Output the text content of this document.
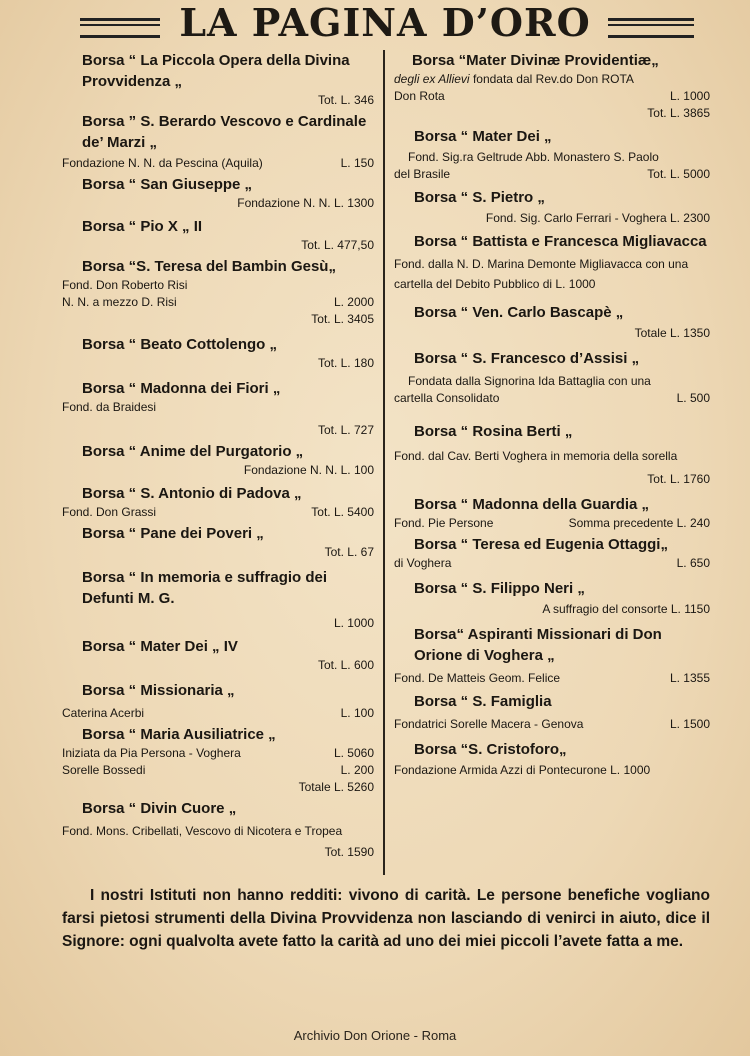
LA PAGINA D’ORO

Borsa “ La Piccola Opera della Divina Provvidenza „

Tot. L. 346

Borsa ” S. Berardo Vescovo e Cardinale de’ Marzi „

Fondazione N. N. da Pescina (Aquila)	L. 150

Borsa “ San Giuseppe „

Fondazione N. N. L. 1300

Borsa “ Pio X „ II

Tot. L. 477,50

Borsa “S. Teresa del Bambin Gesù„

Fond. Don Roberto Risi

N. N. a mezzo D. Risi	L. 2000

Tot. L. 3405

Borsa “ Beato Cottolengo „

Tot. L. 180

Borsa “ Madonna dei Fiori „

Fond. da Braidesi

Tot. L. 727

Borsa “ Anime del Purgatorio „

Fondazione N. N. L. 100

Borsa “ S. Antonio di Padova „

Fond. Don Grassi	Tot. L. 5400

Borsa “ Pane dei Poveri „

Tot. L. 67

Borsa “ In memoria e suffragio dei Defunti M. G.

L. 1000

Borsa “ Mater Dei „ IV

Tot. L. 600

Borsa “ Missionaria „

Caterina Acerbi	L. 100

Borsa “ Maria Ausiliatrice „

Iniziata da Pia Persona - Voghera	L. 5060
Sorelle Bossedi	L. 200

Totale L. 5260

Borsa “ Divin Cuore „

Fond. Mons. Cribellati, Vescovo di Nicotera e Tropea

Tot. 1590

Borsa “Mater Divinæ Providentiæ„

degli ex Allievi fondata dal Rev.do Don ROTA

Don Rota	L. 1000

Tot. L. 3865

Borsa “ Mater Dei „

Fond. Sig.ra Geltrude Abb. Monastero S. Paolo

del Brasile	Tot. L. 5000

Borsa “ S. Pietro „

Fond. Sig. Carlo Ferrari - Voghera L. 2300

Borsa “ Battista e Francesca Migliavacca

Fond. dalla N. D. Marina Demonte Migliavacca con una cartella del Debito Pubblico di L. 1000

Borsa “ Ven. Carlo Bascapè „

Totale L. 1350

Borsa “ S. Francesco d’Assisi „

Fondata dalla Signorina Ida Battaglia con una

cartella Consolidato	L. 500

Borsa “ Rosina Berti „

Fond. dal Cav. Berti Voghera in memoria della sorella

Tot. L. 1760

Borsa “ Madonna della Guardia „

Fond. Pie Persone	Somma precedente L. 240

Borsa “ Teresa ed Eugenia Ottaggi„

di Voghera	L. 650

Borsa “ S. Filippo Neri „

A suffragio del consorte L. 1150

Borsa“ Aspiranti Missionari di Don Orione di Voghera „

Fond. De Matteis Geom. Felice	L. 1355

Borsa “ S. Famiglia

Fondatrici Sorelle Macera - Genova	L. 1500

Borsa “S. Cristoforo„

Fondazione Armida Azzi di Pontecurone L. 1000

I nostri Istituti non hanno redditi: vivono di carità. Le persone benefiche vogliano farsi pietosi strumenti della Divina Provvidenza non lasciando di venirci in aiuto, dice il Signore: ogni qualvolta avete fatto la carità ad uno dei miei piccoli l’avete fatta a me.
Archivio Don Orione - Roma
